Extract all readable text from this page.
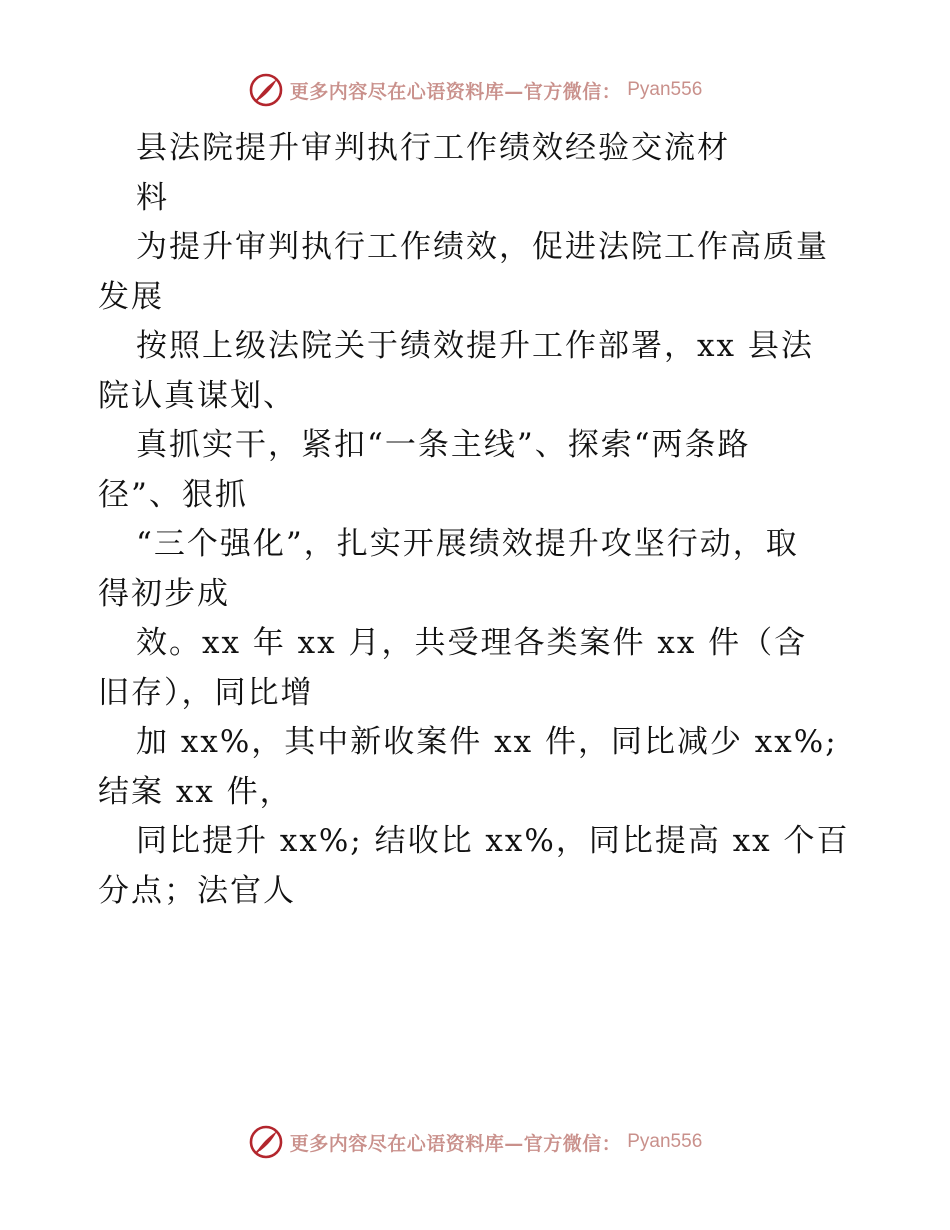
更多内容尽在心语资料库—官方微信： Pyan556
县法院提升审判执行工作绩效经验交流材
料
为提升审判执行工作绩效，促进法院工作高质量
发展
按照上级法院关于绩效提升工作部署，xx 县法
院认真谋划、
真抓实干，紧扣“一条主线”、探索“两条路
径”、狠抓
“三个强化”，扎实开展绩效提升攻坚行动，取
得初步成
效。xx 年 xx 月，共受理各类案件 xx 件（含
旧存），同比增
加 xx%，其中新收案件 xx 件，同比减少 xx%;
结案 xx 件，
同比提升 xx%; 结收比 xx%，同比提高 xx 个百
分点；法官人
更多内容尽在心语资料库—官方微信： Pyan556
